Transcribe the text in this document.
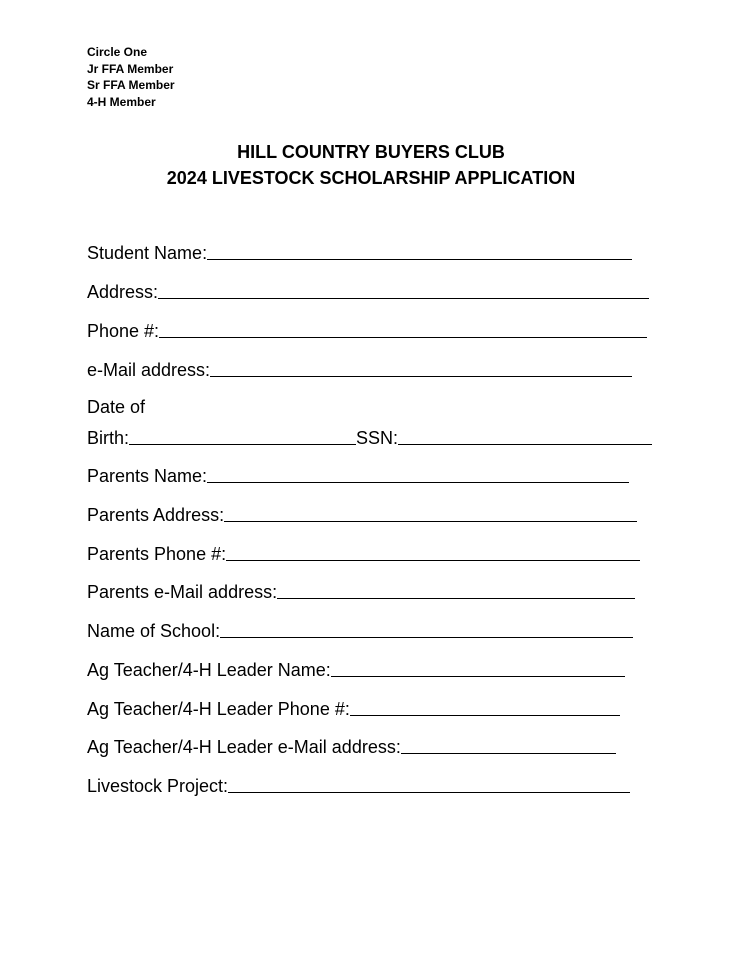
Circle One
Jr FFA Member
Sr FFA Member
4-H Member
HILL COUNTRY BUYERS CLUB
2024 LIVESTOCK SCHOLARSHIP APPLICATION
Student Name:
Address:
Phone #:
e-Mail address:
Date of
Birth:	SSN:
Parents Name:
Parents Address:
Parents Phone #:
Parents e-Mail address:
Name of School:
Ag Teacher/4-H Leader Name:
Ag Teacher/4-H Leader Phone #:
Ag Teacher/4-H Leader e-Mail address:
Livestock Project:
